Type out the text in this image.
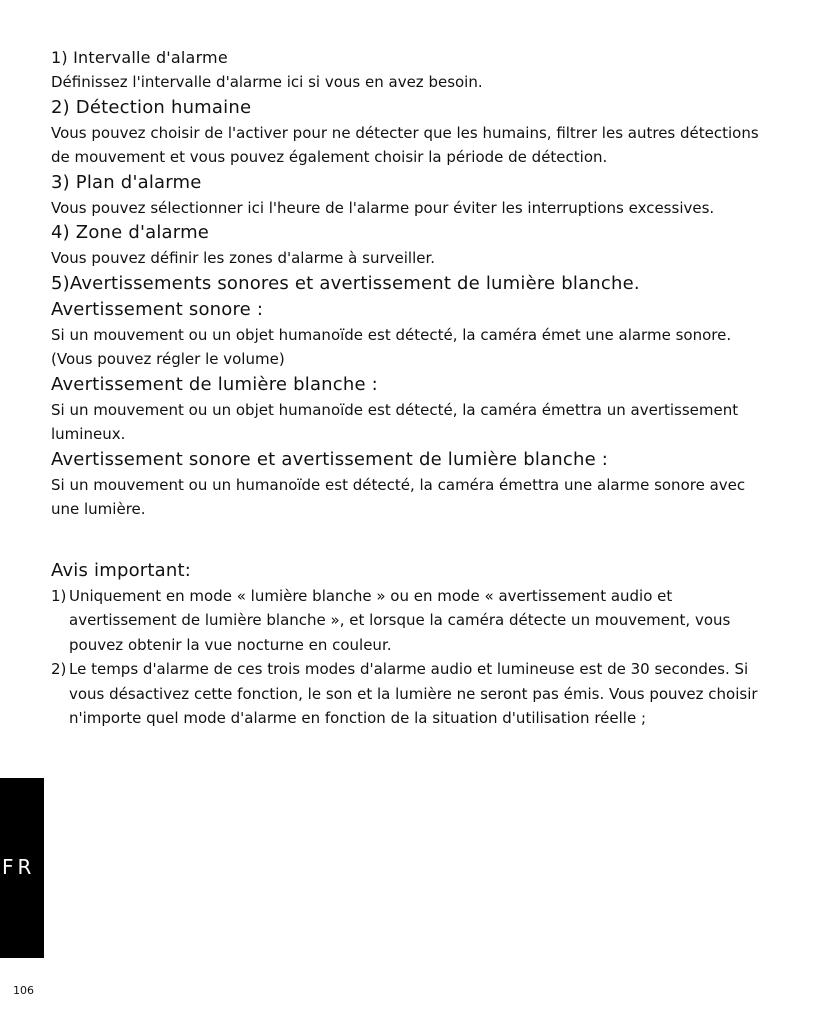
1) Intervalle d'alarme
Définissez l'intervalle d'alarme ici si vous en avez besoin.
2) Détection humaine
Vous pouvez choisir de l'activer pour ne détecter que les humains, filtrer les autres détections de mouvement et vous pouvez également choisir la période de détection.
3) Plan d'alarme
Vous pouvez sélectionner ici l'heure de l'alarme pour éviter les interruptions excessives.
4) Zone d'alarme
Vous pouvez définir les zones d'alarme à surveiller.
5)Avertissements sonores et avertissement de lumière blanche.
Avertissement sonore :
Si un mouvement ou un objet humanoïde est détecté, la caméra émet une alarme sonore. (Vous pouvez régler le volume)
Avertissement de lumière blanche :
Si un mouvement ou un objet humanoïde est détecté, la caméra émettra un avertissement lumineux.
Avertissement sonore et avertissement de lumière blanche :
Si un mouvement ou un humanoïde est détecté, la caméra émettra une alarme sonore avec une lumière.
Avis important:
1) Uniquement en mode « lumière blanche » ou en mode « avertissement audio et avertissement de lumière blanche », et lorsque la caméra détecte un mouvement, vous pouvez obtenir la vue nocturne en couleur.
2) Le temps d'alarme de ces trois modes d'alarme audio et lumineuse est de 30 secondes. Si vous désactivez cette fonction, le son et la lumière ne seront pas émis. Vous pouvez choisir n'importe quel mode d'alarme en fonction de la situation d'utilisation réelle ;
FR
106
